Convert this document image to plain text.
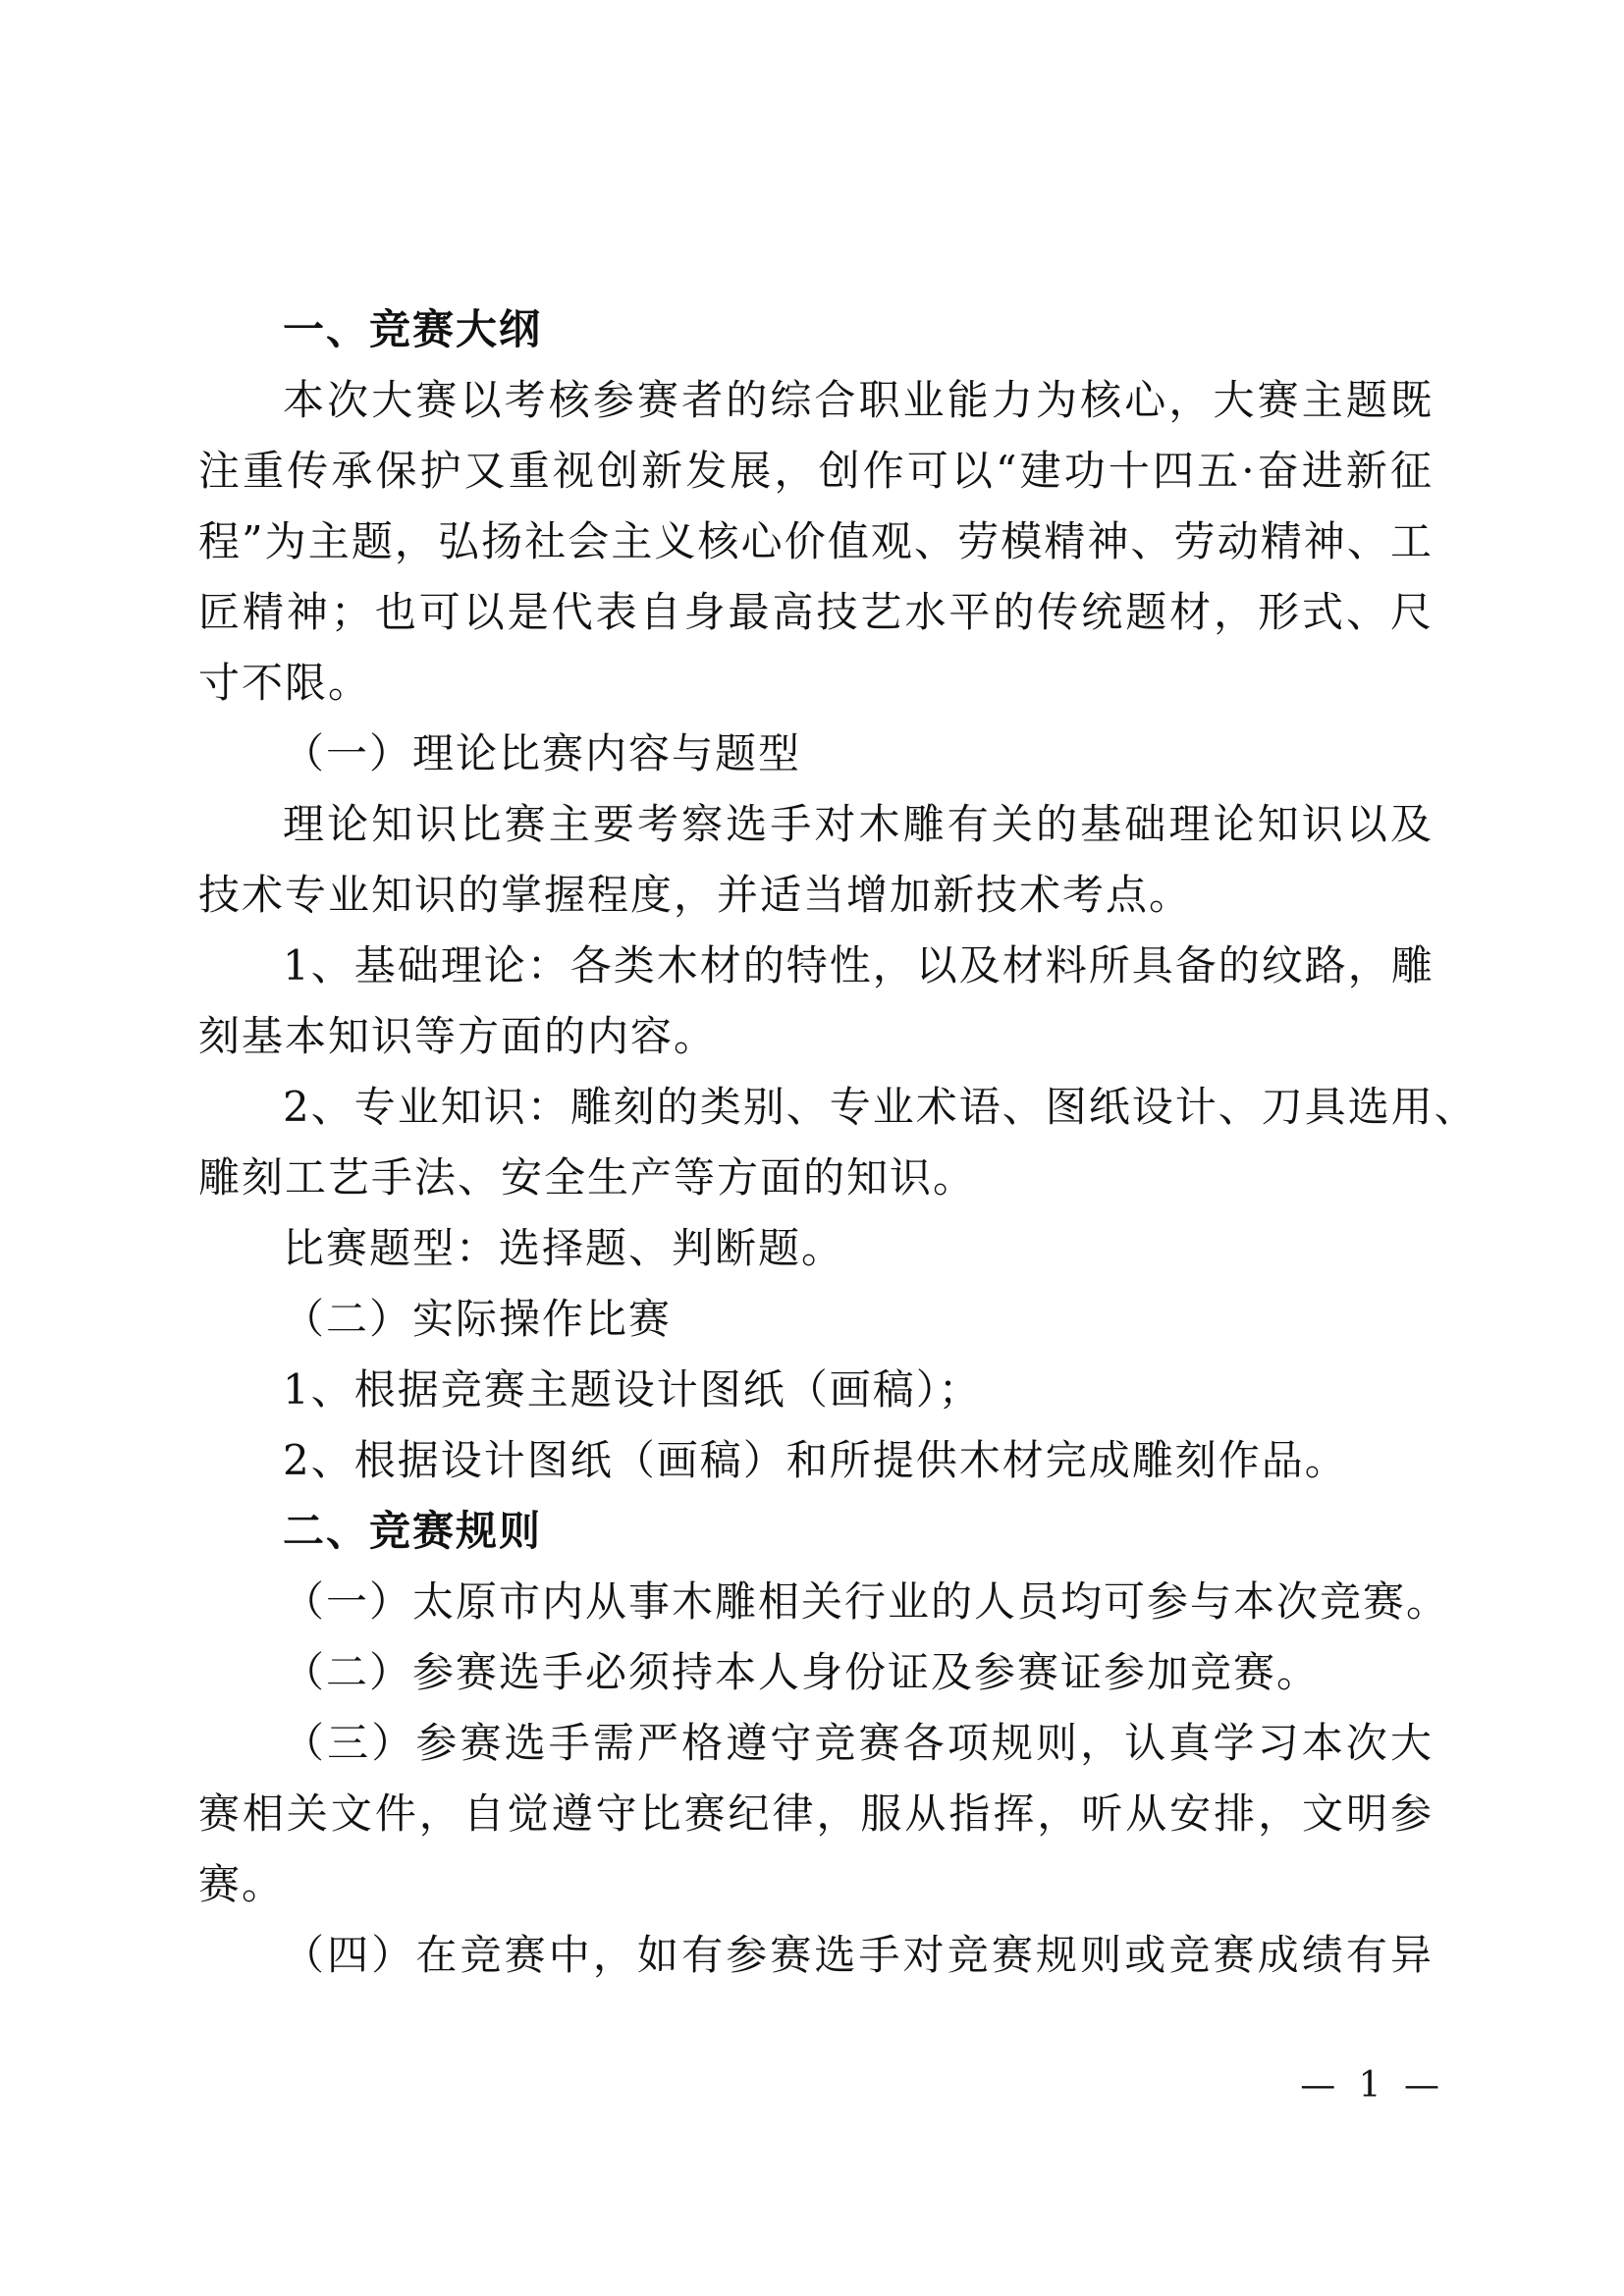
一、竞赛大纲
本次大赛以考核参赛者的综合职业能力为核心，大赛主题既
注重传承保护又重视创新发展，创作可以“建功十四五·奋进新征
程”为主题，弘扬社会主义核心价值观、劳模精神、劳动精神、工
匠精神；也可以是代表自身最高技艺水平的传统题材，形式、尺
寸不限。
（一）理论比赛内容与题型
理论知识比赛主要考察选手对木雕有关的基础理论知识以及
技术专业知识的掌握程度，并适当增加新技术考点。
1、基础理论：各类木材的特性，以及材料所具备的纹路，雕
刻基本知识等方面的内容。
2、专业知识：雕刻的类别、专业术语、图纸设计、刀具选用、
雕刻工艺手法、安全生产等方面的知识。
比赛题型：选择题、判断题。
（二）实际操作比赛
1、根据竞赛主题设计图纸（画稿）；
2、根据设计图纸（画稿）和所提供木材完成雕刻作品。
二、竞赛规则
（一）太原市内从事木雕相关行业的人员均可参与本次竞赛。
（二）参赛选手必须持本人身份证及参赛证参加竞赛。
（三）参赛选手需严格遵守竞赛各项规则，认真学习本次大
赛相关文件，自觉遵守比赛纪律，服从指挥，听从安排，文明参
赛。
（四）在竞赛中，如有参赛选手对竞赛规则或竞赛成绩有异
— 1 —
